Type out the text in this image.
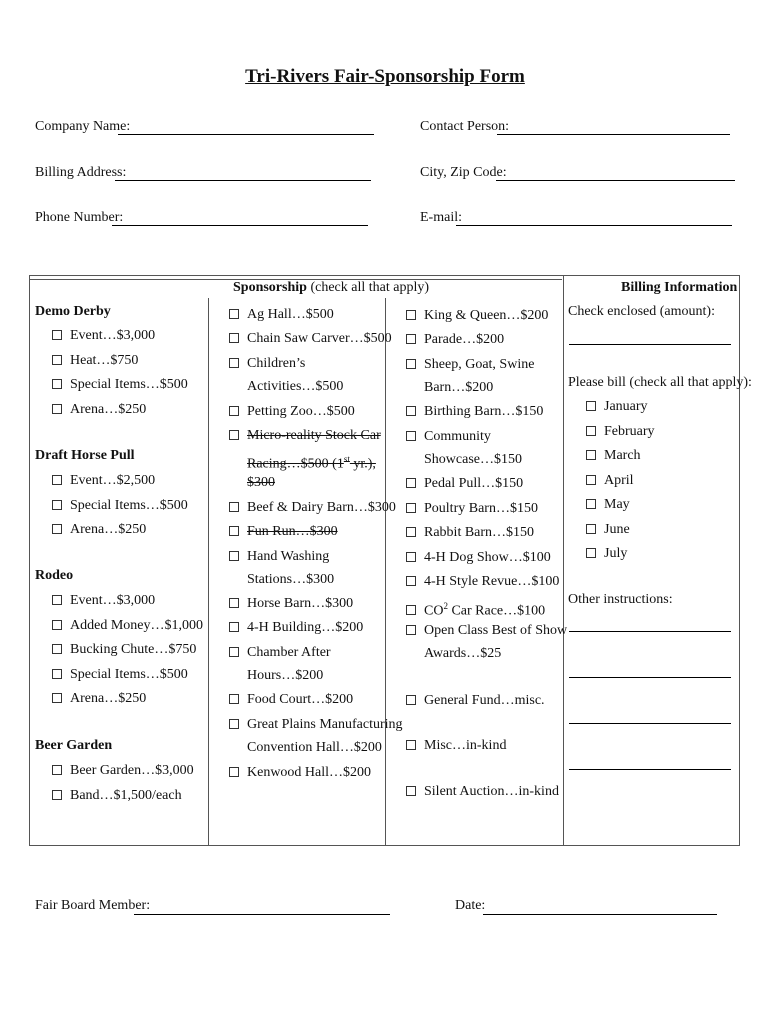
Tri-Rivers Fair-Sponsorship Form
Company Name:	Contact Person:
Billing Address:	City, Zip Code:
Phone Number:	E-mail:
Sponsorship (check all that apply)	Billing Information
Demo Derby
Event…$3,000
Heat…$750
Special Items…$500
Arena…$250
Draft Horse Pull
Event…$2,500
Special Items…$500
Arena…$250
Rodeo
Event…$3,000
Added Money…$1,000
Bucking Chute…$750
Special Items…$500
Arena…$250
Beer Garden
Beer Garden…$3,000
Band…$1,500/each
Ag Hall…$500
Chain Saw Carver…$500
Children’s
Activities…$500
Petting Zoo…$500
Micro-reality Stock Car
Racing…$500 (1st yr.),
$300
Beef & Dairy Barn…$300
Fun Run…$300
Hand Washing
Stations…$300
Horse Barn…$300
4-H Building…$200
Chamber After
Hours…$200
Food Court…$200
Great Plains Manufacturing
Convention Hall…$200
Kenwood Hall…$200
King & Queen…$200
Parade…$200
Sheep, Goat, Swine
Barn…$200
Birthing Barn…$150
Community
Showcase…$150
Pedal Pull…$150
Poultry Barn…$150
Rabbit Barn…$150
4-H Dog Show…$100
4-H Style Revue…$100
$CO^2$ Car Race…$100
Open Class Best of Show
Awards…$25
General Fund…misc.
Misc…in-kind
Silent Auction…in-kind
Check enclosed (amount):
Please bill (check all that apply):
January
February
March
April
May
June
July
Other instructions:
Fair Board Member:	Date:
